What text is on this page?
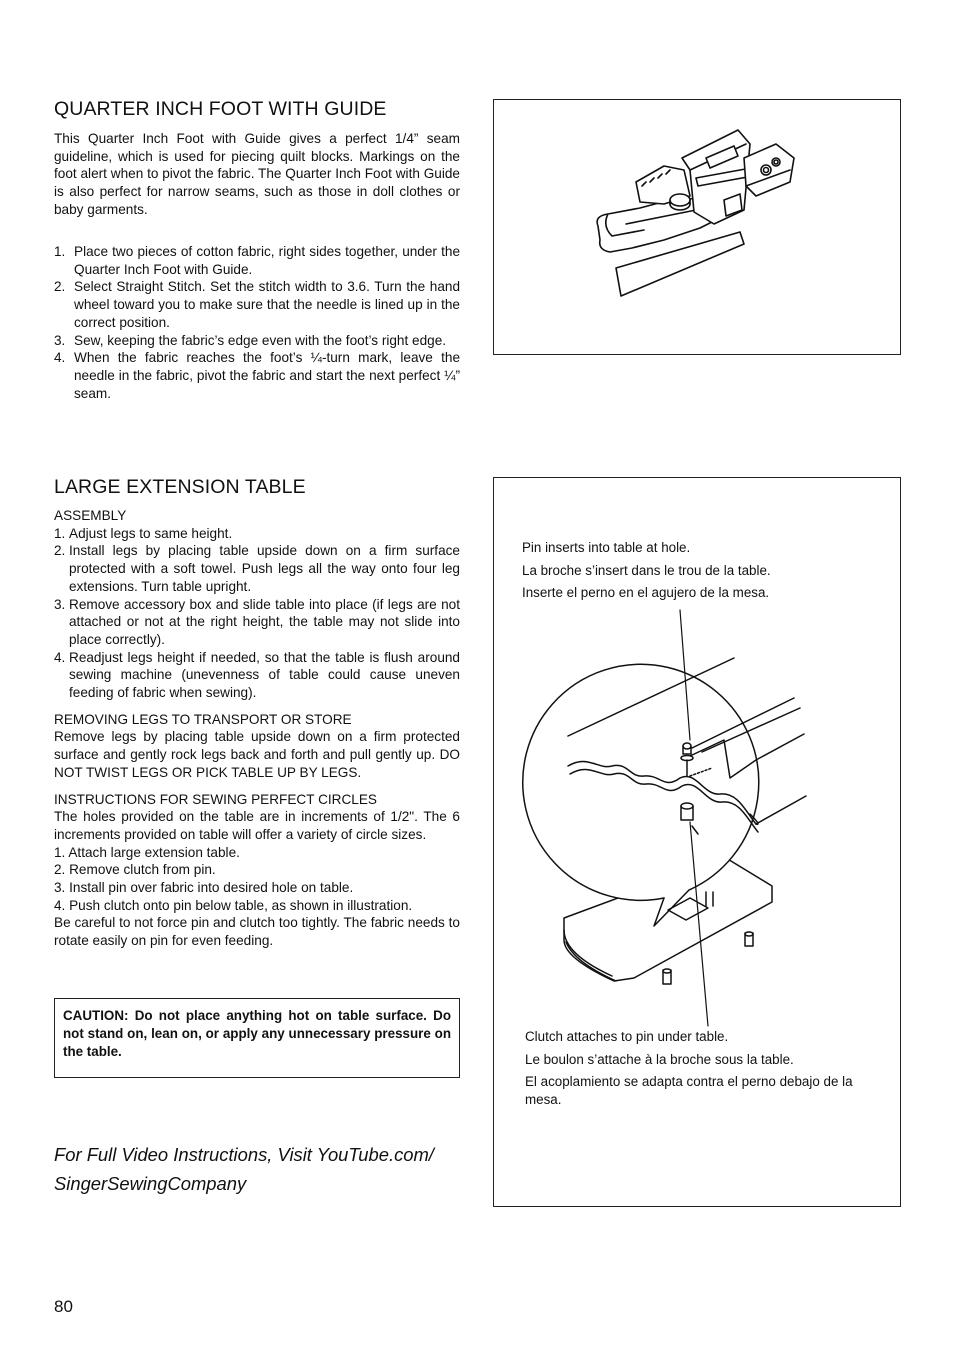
QUARTER INCH FOOT WITH GUIDE

This Quarter Inch Foot with Guide gives a perfect 1/4” seam guideline, which is used for piecing quilt blocks. Markings on the foot alert when to pivot the fabric. The Quarter Inch Foot with Guide is also perfect for narrow seams, such as those in doll clothes or baby garments.

1. Place two pieces of cotton fabric, right sides together, under the Quarter Inch Foot with Guide.
2. Select Straight Stitch. Set the stitch width to 3.6. Turn the hand wheel toward you to make sure that the needle is lined up in the correct position.
3. Sew, keeping the fabric’s edge even with the foot’s right edge.
4. When the fabric reaches the foot’s ¼-turn mark, leave the needle in the fabric, pivot the fabric and start the next perfect ¼” seam.
LARGE EXTENSION TABLE
ASSEMBLY
1. Adjust legs to same height.
2. Install legs by placing table upside down on a firm surface protected with a soft towel. Push legs all the way onto four leg extensions. Turn table upright.
3. Remove accessory box and slide table into place (if legs are not attached or not at the right height, the table may not slide into place correctly).
4. Readjust legs height if needed, so that the table is flush around sewing machine (unevenness of table could cause uneven feeding of fabric when sewing).
REMOVING LEGS TO TRANSPORT OR STORE

Remove legs by placing table upside down on a firm protected surface and gently rock legs back and forth and pull gently up. DO NOT TWIST LEGS OR PICK TABLE UP BY LEGS.

INSTRUCTIONS FOR SEWING PERFECT CIRCLES

The holes provided on the table are in increments of 1/2". The 6 increments provided on table will offer a variety of circle sizes.

1. Attach large extension table.
2. Remove clutch from pin.
3. Install pin over fabric into desired hole on table.
4. Push clutch onto pin below table, as shown in illustration.

Be careful to not force pin and clutch too tightly. The fabric needs to rotate easily on pin for even feeding.

CAUTION: Do not place anything hot on table surface. Do not stand on, lean on, or apply any unnecessary pressure on the table.

For Full Video Instructions, Visit YouTube.com/
SingerSewingCompany
Pin inserts into table at hole.
La broche s’insert dans le trou de la table.
Inserte el perno en el agujero de la mesa.
Clutch attaches to pin under table.
Le boulon s’attache à la broche sous la table.
El acoplamiento se adapta contra el perno debajo de la mesa.
80
